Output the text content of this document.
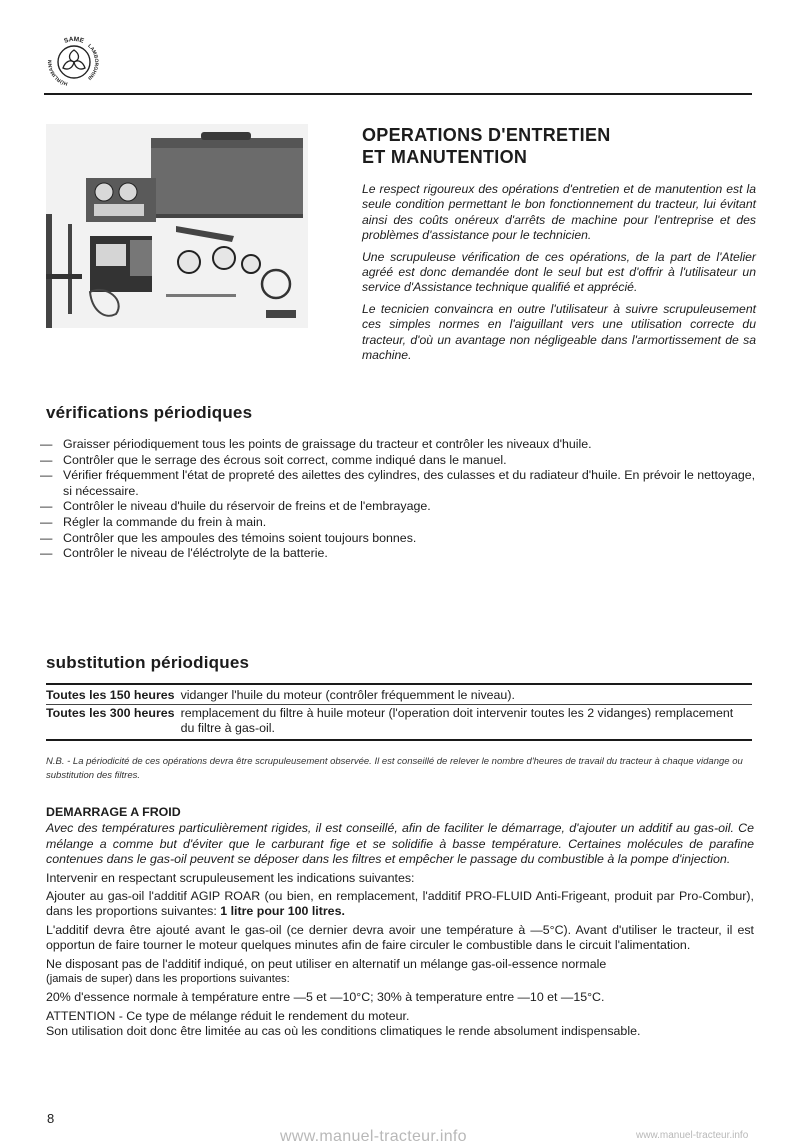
SAME
LAMBORGHINI
HÜRLIMANN
OPERATIONS D'ENTRETIEN
ET MANUTENTION

Le respect rigoureux des opérations d'entretien et de manutention est la seule condition permettant le bon fonctionnement du tracteur, lui évitant ainsi des coûts onéreux d'arrêts de machine pour l'entreprise et des problèmes d'assistance pour le technicien.

Une scrupuleuse vérification de ces opérations, de la part de l'Atelier agréé est donc demandée dont le seul but est d'offrir à l'utilisateur un service d'Assistance technique qualifié et apprécié.

Le tecnicien convaincra en outre l'utilisateur à suivre scrupuleusement ces simples normes en l'aiguillant vers une utilisation correcte du tracteur, d'où un avantage non négligeable dans l'armortissement de sa machine.

vérifications périodiques
— Graisser périodiquement tous les points de graissage du tracteur et contrôler les niveaux d'huile.
— Contrôler que le serrage des écrous soit correct, comme indiqué dans le manuel.
— Vérifier fréquemment l'état de propreté des ailettes des cylindres, des culasses et du radiateur d'huile. En prévoir le nettoyage, si nécessaire.
— Contrôler le niveau d'huile du réservoir de freins et de l'embrayage.
— Régler la commande du frein à main.
— Contrôler que les ampoules des témoins soient toujours bonnes.
— Contrôler le niveau de l'éléctrolyte de la batterie.
substitution périodiques
Toutes les 150 heures vidanger l'huile du moteur (contrôler fréquemment le niveau).
Toutes les 300 heures remplacement du filtre à huile moteur (l'operation doit intervenir toutes les 2 vidanges) remplacement du filtre à gas-oil.
N.B. - La périodicité de ces opérations devra être scrupuleusement observée. Il est conseillé de relever le nombre d'heures de travail du tracteur à chaque vidange ou substitution des filtres.

DEMARRAGE A FROID

Avec des températures particulièrement rigides, il est conseillé, afin de faciliter le démarrage, d'ajouter un additif au gas-oil. Ce mélange a comme but d'éviter que le carburant fige et se solidifie à basse température. Certaines molécules de parafine contenues dans le gas-oil peuvent se déposer dans les filtres et empêcher le passage du combustible à la pompe d'injection.

Intervenir en respectant scrupuleusement les indications suivantes:

Ajouter au gas-oil l'additif AGIP ROAR (ou bien, en remplacement, l'additif PRO-FLUID Anti-Frigeant, produit par Pro-Combur), dans les proportions suivantes: 1 litre pour 100 litres.

L'additif devra être ajouté avant le gas-oil (ce dernier devra avoir une température à —5°C). Avant d'utiliser le tracteur, il est opportun de faire tourner le moteur quelques minutes afin de faire circuler le combustible dans le circuit l'alimentation.

Ne disposant pas de l'additif indiqué, on peut utiliser en alternatif un mélange gas-oil-essence normale

(jamais de super) dans les proportions suivantes:

20% d'essence normale à température entre —5 et —10°C; 30% à temperature entre —10 et —15°C.

ATTENTION - Ce type de mélange réduit le rendement du moteur.

Son utilisation doit donc être limitée au cas où les conditions climatiques le rende absolument indispensable.

8
www.manuel-tracteur.info	www.manuel-tracteur.info
